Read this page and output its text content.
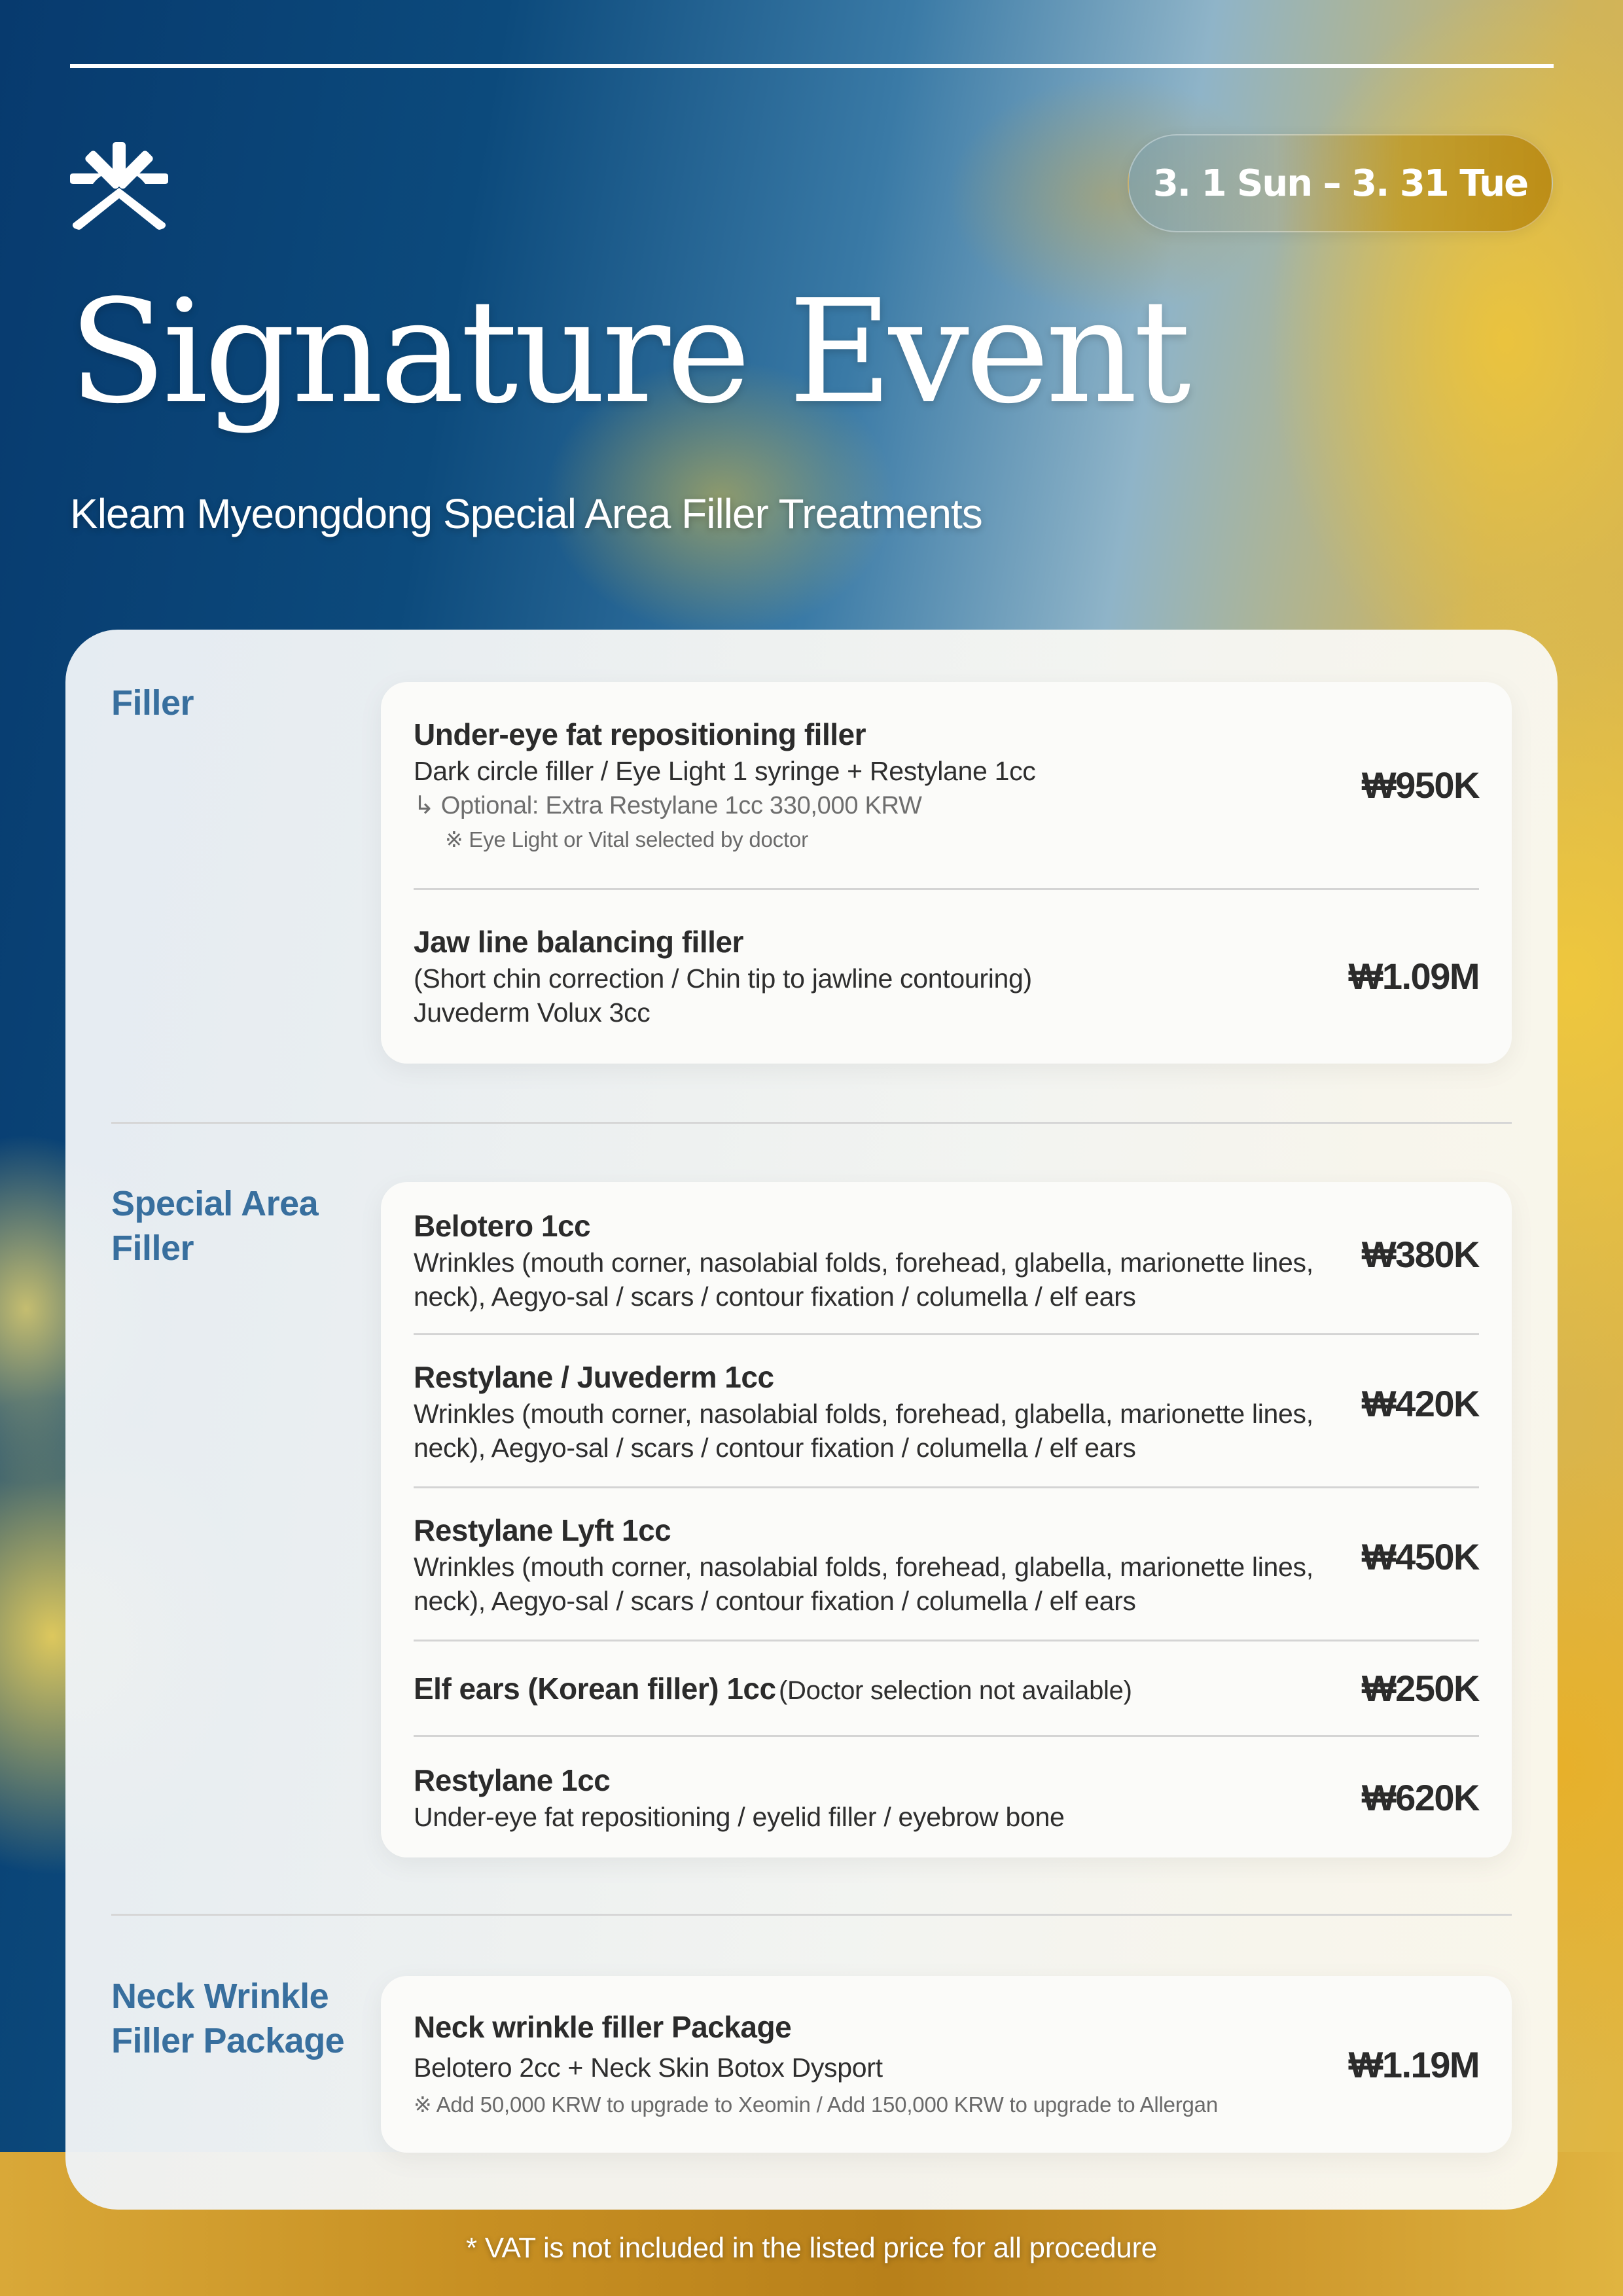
3. 1 Sun – 3. 31 Tue
Signature Event
Kleam Myeongdong Special Area Filler Treatments
Filler
Under-eye fat repositioning filler
Dark circle filler / Eye Light 1 syringe + Restylane 1cc
↳ Optional: Extra Restylane 1cc 330,000 KRW
※ Eye Light or Vital selected by doctor
₩950K
Jaw line balancing filler
(Short chin correction / Chin tip to jawline contouring)
Juvederm Volux 3cc
₩1.09M
Special Area
Filler
Belotero 1cc
Wrinkles (mouth corner, nasolabial folds, forehead, glabella, marionette lines, neck), Aegyo-sal / scars / contour fixation / columella / elf ears
₩380K
Restylane / Juvederm 1cc
Wrinkles (mouth corner, nasolabial folds, forehead, glabella, marionette lines, neck), Aegyo-sal / scars / contour fixation / columella / elf ears
₩420K
Restylane Lyft 1cc
Wrinkles (mouth corner, nasolabial folds, forehead, glabella, marionette lines, neck), Aegyo-sal / scars / contour fixation / columella / elf ears
₩450K
Elf ears (Korean filler) 1cc (Doctor selection not available)	₩250K
Restylane 1cc
Under-eye fat repositioning / eyelid filler / eyebrow bone	₩620K
Neck Wrinkle
Filler Package Neck wrinkle filler Package
Belotero 2cc + Neck Skin Botox Dysport
※ Add 50,000 KRW to upgrade to Xeomin / Add 150,000 KRW to upgrade to Allergan
₩1.19M
* VAT is not included in the listed price for all procedure
